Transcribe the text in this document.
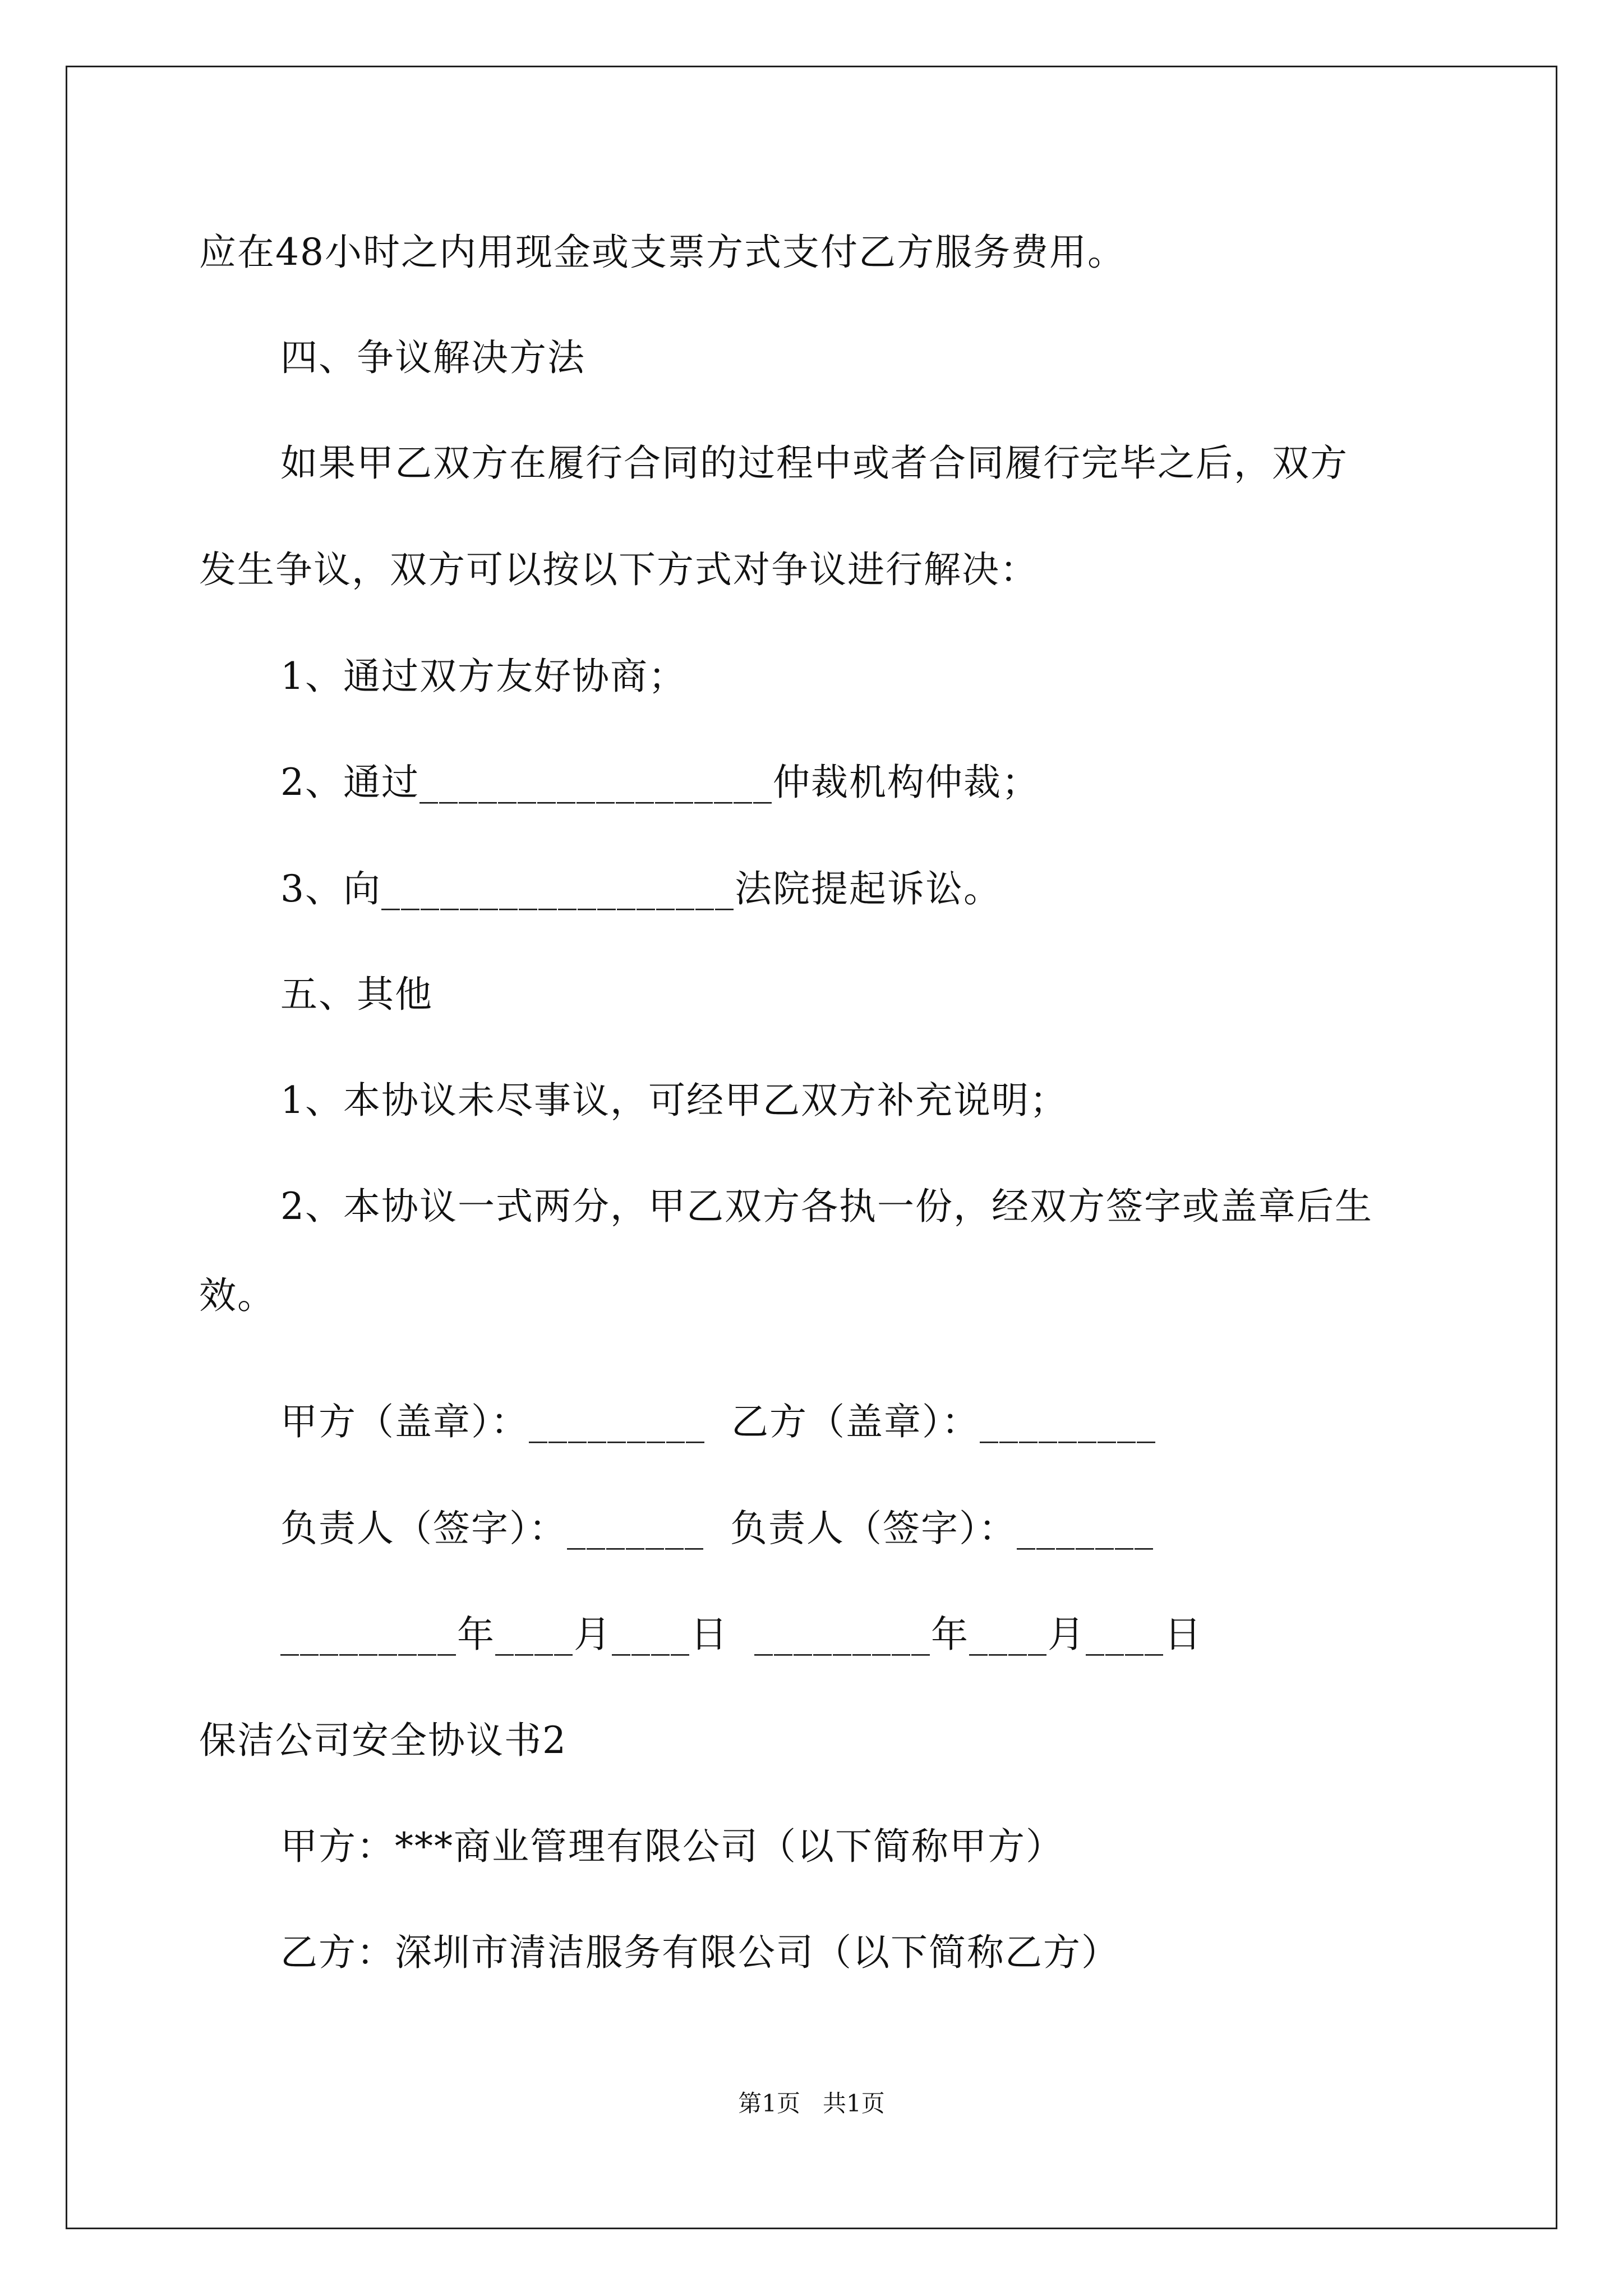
应在48小时之内用现金或支票方式支付乙方服务费用。
四、争议解决方法
如果甲乙双方在履行合同的过程中或者合同履行完毕之后，双方
发生争议，双方可以按以下方式对争议进行解决：
1、通过双方友好协商；
2、通过__________________仲裁机构仲裁；
3、向__________________法院提起诉讼。
五、其他
1、本协议未尽事议，可经甲乙双方补充说明；
2、本协议一式两分，甲乙双方各执一份，经双方签字或盖章后生
效。
甲方（盖章）：_________  乙方（盖章）：_________
负责人（签字）：_______  负责人（签字）：_______
_________年____月____日  _________年____月____日
保洁公司安全协议书2
甲方：***商业管理有限公司（以下简称甲方）
乙方：深圳市清洁服务有限公司（以下简称乙方）
第1页   共1页
